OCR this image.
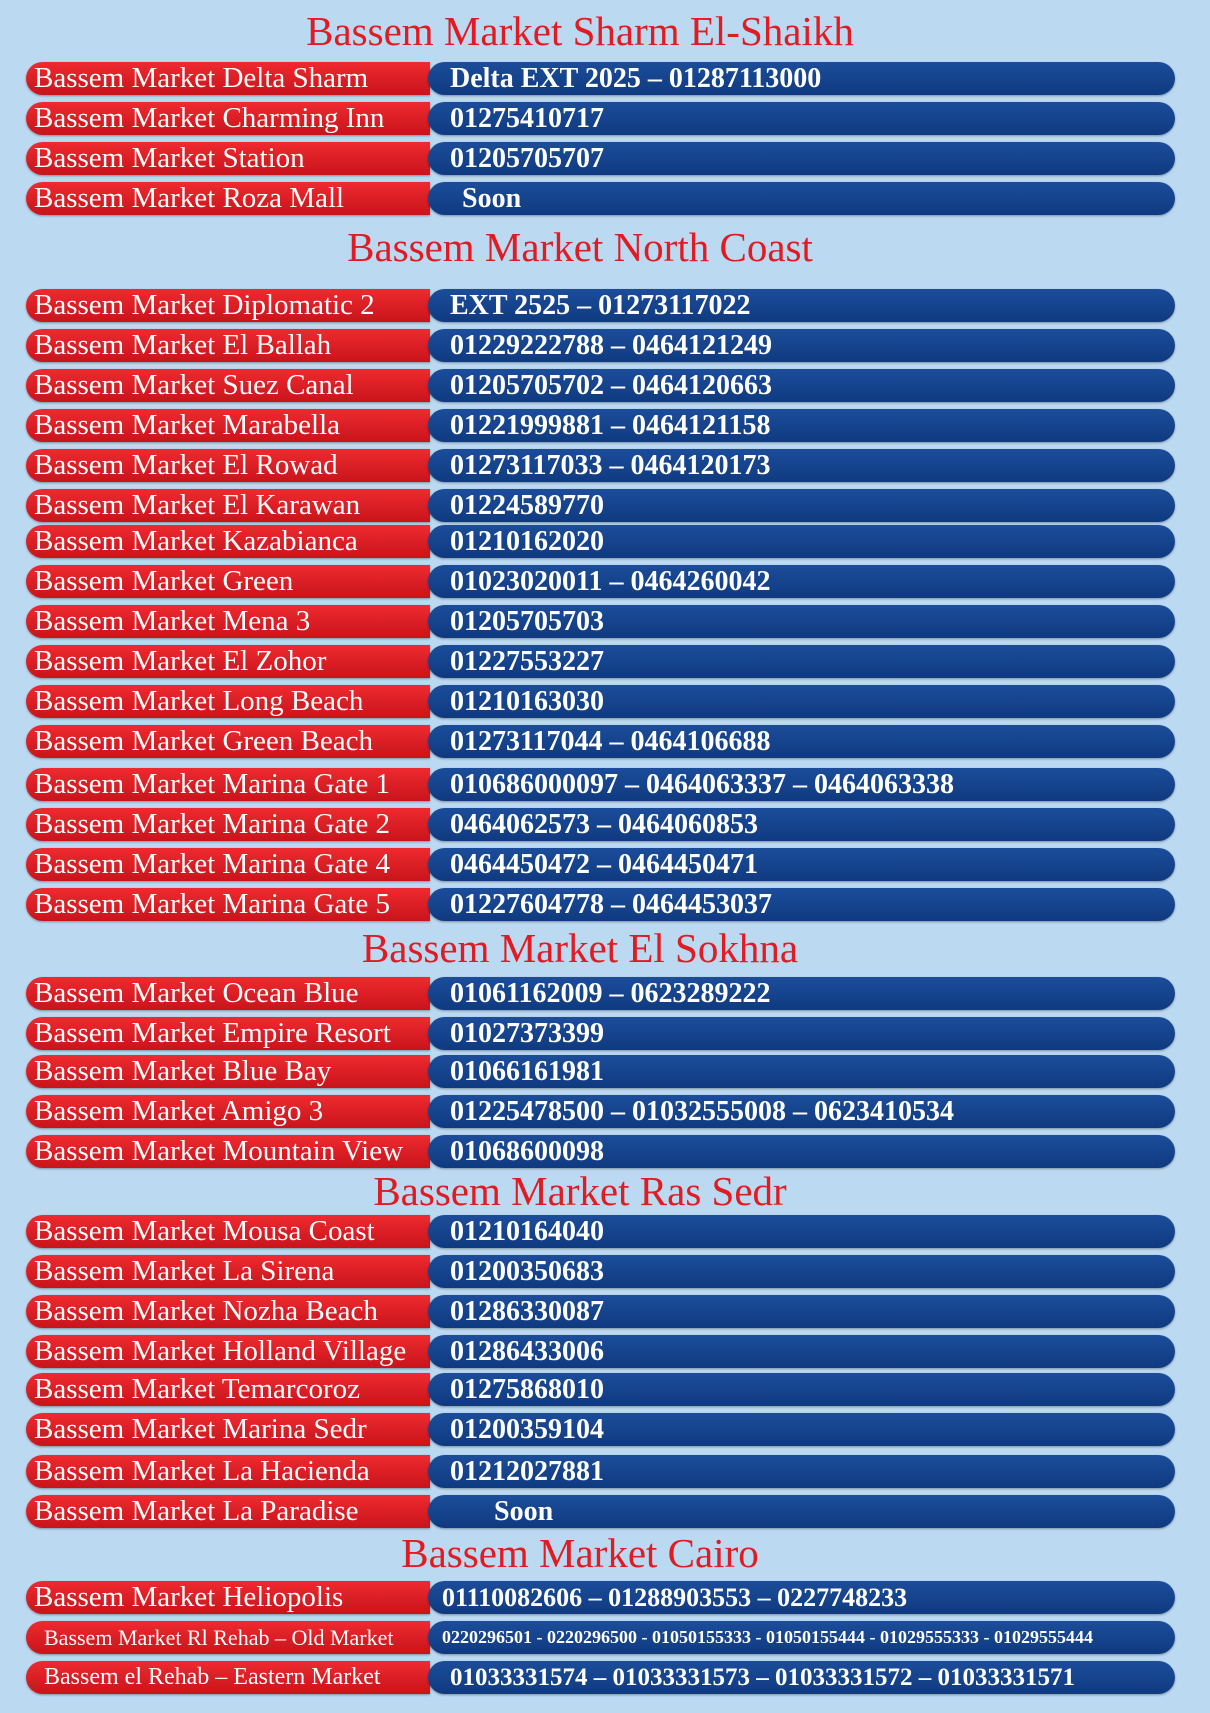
Bassem Market Sharm El-Shaikh
Bassem Market Delta Sharm	Delta EXT 2025 – 01287113000
Bassem Market Charming Inn	01275410717
Bassem Market Station	01205705707
Bassem Market Roza Mall	Soon
Bassem Market North Coast
Bassem Market Diplomatic 2	EXT 2525 – 01273117022
Bassem Market El Ballah	01229222788 – 0464121249
Bassem Market Suez Canal	01205705702 – 0464120663
Bassem Market Marabella	01221999881 – 0464121158
Bassem Market El Rowad	01273117033 – 0464120173
Bassem Market El Karawan	01224589770
Bassem Market Kazabianca	01210162020
Bassem Market Green	01023020011 – 0464260042
Bassem Market Mena 3	01205705703
Bassem Market El Zohor	01227553227
Bassem Market Long Beach	01210163030
Bassem Market Green Beach	01273117044 – 0464106688
Bassem Market Marina Gate 1	010686000097 – 0464063337 – 0464063338
Bassem Market Marina Gate 2	0464062573 – 0464060853
Bassem Market Marina Gate 4	0464450472 – 0464450471
Bassem Market Marina Gate 5	01227604778 – 0464453037
Bassem Market El Sokhna
Bassem Market Ocean Blue	01061162009 – 0623289222
Bassem Market Empire Resort	01027373399
Bassem Market Blue Bay	01066161981
Bassem Market Amigo 3	01225478500 – 01032555008 – 0623410534
Bassem Market Mountain View	01068600098
Bassem Market Ras Sedr
Bassem Market Mousa Coast	01210164040
Bassem Market La Sirena	01200350683
Bassem Market Nozha Beach	01286330087
Bassem Market Holland Village	01286433006
Bassem Market Temarcoroz	01275868010
Bassem Market Marina Sedr	01200359104
Bassem Market La Hacienda	01212027881
Bassem Market La Paradise	Soon
Bassem Market Cairo
Bassem Market Heliopolis	01110082606 – 01288903553 – 0227748233
Bassem Market Rl Rehab – Old Market	0220296501 - 0220296500 - 01050155333 - 01050155444 - 01029555333 - 01029555444
Bassem el Rehab – Eastern Market	01033331574 – 01033331573 – 01033331572 – 01033331571
